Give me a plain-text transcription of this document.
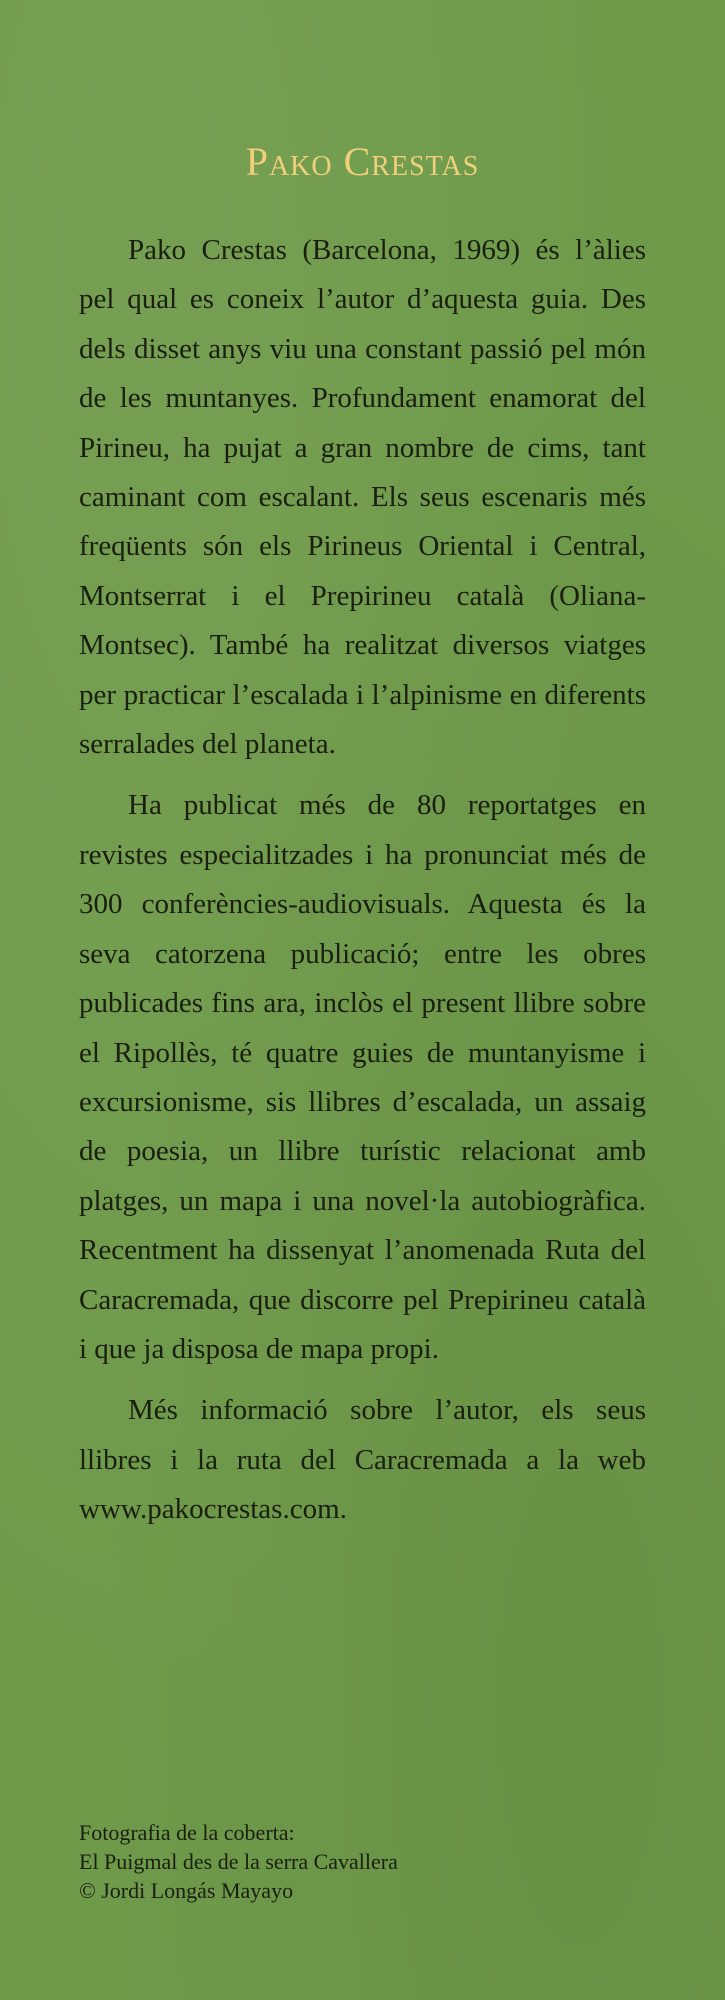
Pako Crestas

Pako Crestas (Barcelona, 1969) és l’àlies pel qual es coneix l’autor d’aquesta guia. Des dels disset anys viu una constant passió pel món de les muntanyes. Profundament enamorat del Pirineu, ha pujat a gran nombre de cims, tant caminant com escalant. Els seus escenaris més freqüents són els Pirineus Oriental i Central, Montserrat i el Prepirineu català (Oliana-Montsec). També ha realitzat diversos viatges per practicar l’escalada i l’alpinisme en diferents serralades del planeta.

Ha publicat més de 80 reportatges en revistes especialitzades i ha pronunciat més de 300 conferències-audiovisuals. Aquesta és la seva catorzena publicació; entre les obres publicades fins ara, inclòs el present llibre sobre el Ripollès, té quatre guies de muntanyisme i excursionisme, sis llibres d’escalada, un assaig de poesia, un llibre turístic relacionat amb platges, un mapa i una novel·la autobiogràfica. Recentment ha dissenyat l’anomenada Ruta del Caracremada, que discorre pel Prepirineu català i que ja disposa de mapa propi.

Més informació sobre l’autor, els seus llibres i la ruta del Caracremada a la web www.pakocrestas.com.

Fotografia de la coberta:
El Puigmal des de la serra Cavallera
© Jordi Longás Mayayo
